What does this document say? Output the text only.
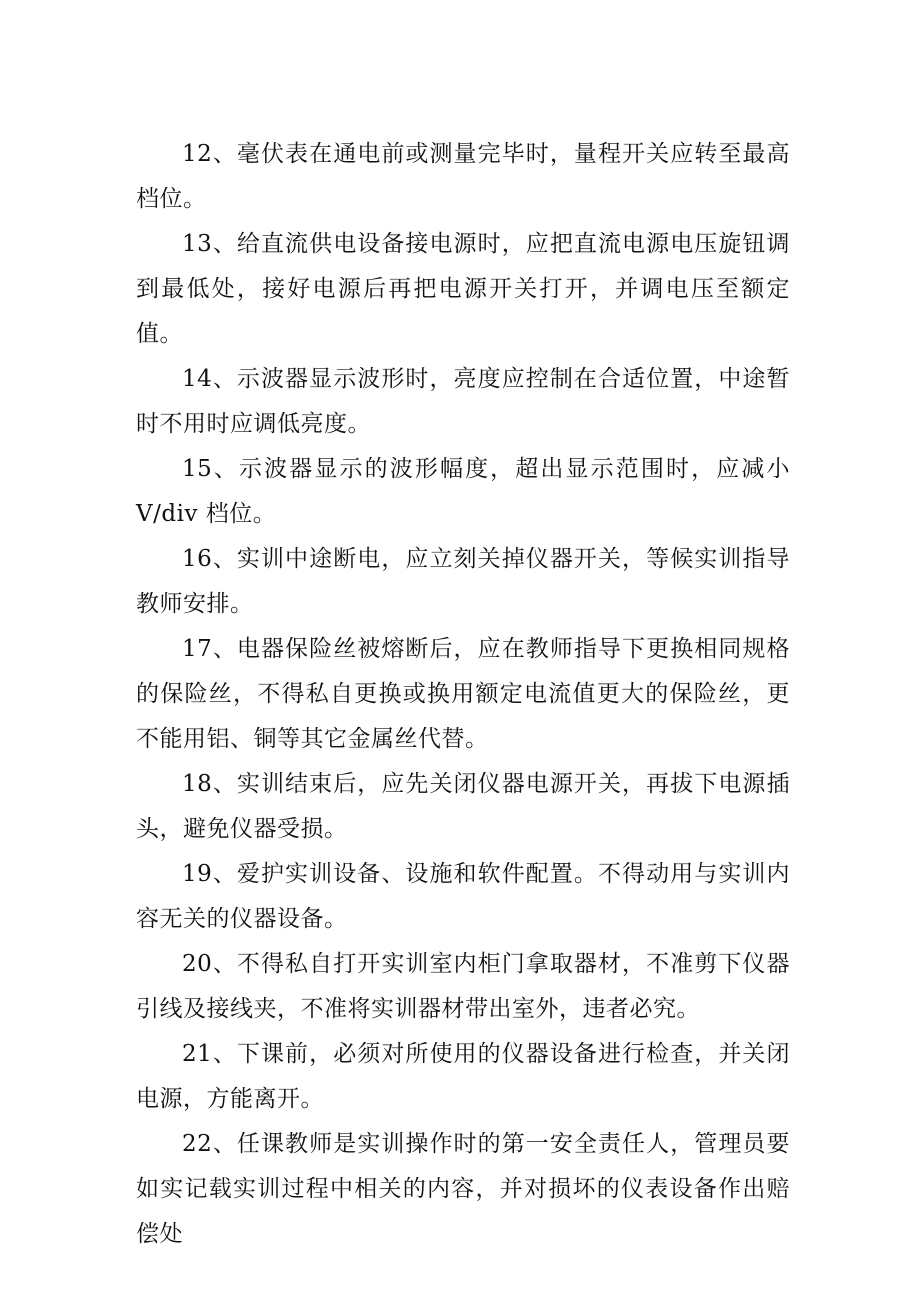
12、毫伏表在通电前或测量完毕时，量程开关应转至最高档位。

13、给直流供电设备接电源时，应把直流电源电压旋钮调到最低处，接好电源后再把电源开关打开，并调电压至额定值。

14、示波器显示波形时，亮度应控制在合适位置，中途暂时不用时应调低亮度。

15、示波器显示的波形幅度，超出显示范围时，应减小 V/div 档位。

16、实训中途断电，应立刻关掉仪器开关，等候实训指导教师安排。

17、电器保险丝被熔断后，应在教师指导下更换相同规格的保险丝，不得私自更换或换用额定电流值更大的保险丝，更不能用铝、铜等其它金属丝代替。

18、实训结束后，应先关闭仪器电源开关，再拔下电源插头，避免仪器受损。

19、爱护实训设备、设施和软件配置。不得动用与实训内容无关的仪器设备。

20、不得私自打开实训室内柜门拿取器材，不准剪下仪器引线及接线夹，不准将实训器材带出室外，违者必究。

21、下课前，必须对所使用的仪器设备进行检查，并关闭电源，方能离开。

22、任课教师是实训操作时的第一安全责任人，管理员要如实记载实训过程中相关的内容，并对损坏的仪表设备作出赔偿处
